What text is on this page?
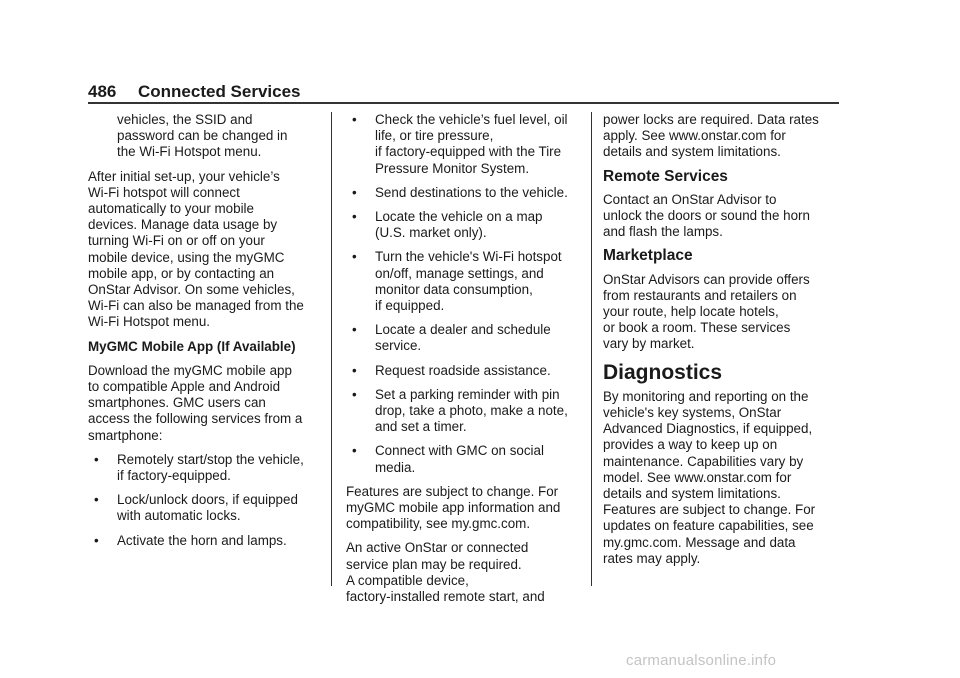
486 Connected Services

vehicles, the SSID and
password can be changed in
the Wi-Fi Hotspot menu.

After initial set-up, your vehicle’s
Wi-Fi hotspot will connect
automatically to your mobile
devices. Manage data usage by
turning Wi-Fi on or off on your
mobile device, using the myGMC
mobile app, or by contacting an
OnStar Advisor. On some vehicles,
Wi-Fi can also be managed from the
Wi-Fi Hotspot menu.

MyGMC Mobile App (If Available)

Download the myGMC mobile app
to compatible Apple and Android
smartphones. GMC users can
access the following services from a
smartphone:

• Remotely start/stop the vehicle,
if factory-equipped.
• Lock/unlock doors, if equipped
with automatic locks.
• Activate the horn and lamps.
• Check the vehicle’s fuel level, oil
life, or tire pressure,
if factory-equipped with the Tire
Pressure Monitor System.
• Send destinations to the vehicle.
• Locate the vehicle on a map
(U.S. market only).
• Turn the vehicle's Wi-Fi hotspot
on/off, manage settings, and
monitor data consumption,
if equipped.
• Locate a dealer and schedule
service.
• Request roadside assistance.
• Set a parking reminder with pin
drop, take a photo, make a note,
and set a timer.
• Connect with GMC on social
media.

Features are subject to change. For
myGMC mobile app information and
compatibility, see my.gmc.com.

An active OnStar or connected
service plan may be required.
A compatible device,
factory-installed remote start, and

power locks are required. Data rates
apply. See www.onstar.com for
details and system limitations.

Remote Services

Contact an OnStar Advisor to
unlock the doors or sound the horn
and flash the lamps.

Marketplace

OnStar Advisors can provide offers
from restaurants and retailers on
your route, help locate hotels,
or book a room. These services
vary by market.

Diagnostics

By monitoring and reporting on the
vehicle's key systems, OnStar
Advanced Diagnostics, if equipped,
provides a way to keep up on
maintenance. Capabilities vary by
model. See www.onstar.com for
details and system limitations.
Features are subject to change. For
updates on feature capabilities, see
my.gmc.com. Message and data
rates may apply.

carmanualsonline.info
